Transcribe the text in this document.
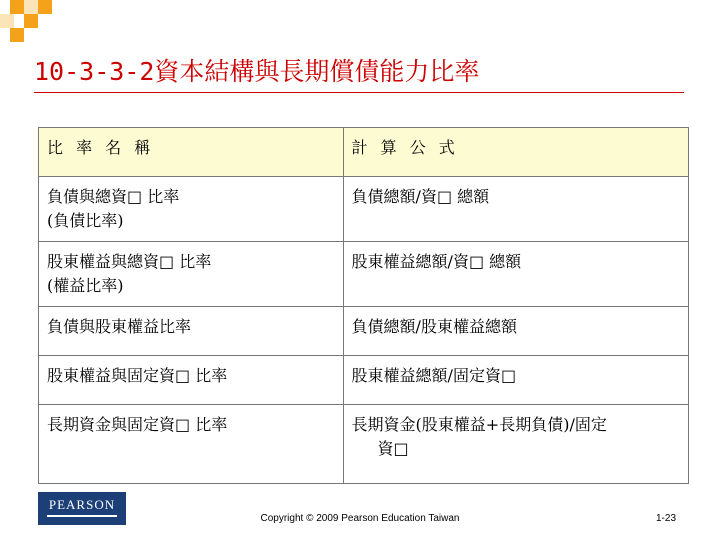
10-3-3-2資本結構與長期償債能力比率
比 率 名 稱	計 算 公 式
負債與總資□ 比率
(負債比率)	負債總額∕資□ 總額
股東權益與總資□ 比率
(權益比率)	股東權益總額∕資□ 總額
負債與股東權益比率	負債總額∕股東權益總額
股東權益與固定資□ 比率	股東權益總額∕固定資□
長期資金與固定資□ 比率	長期資金(股東權益+長期負債)∕固定

資□
PEARSON
Copyright © 2009 Pearson Education Taiwan	1-23
